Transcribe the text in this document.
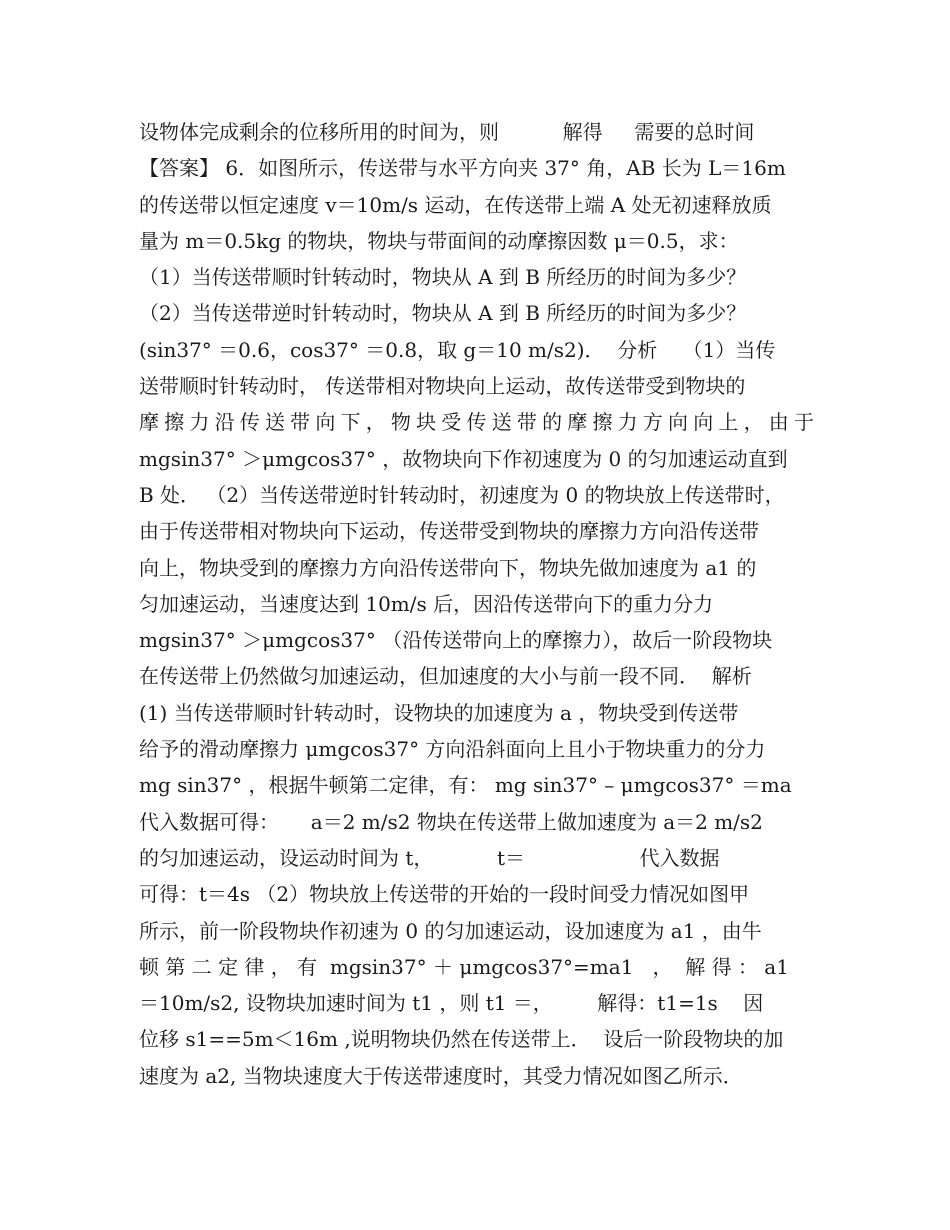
设物体完成剩余的位移所用的时间为，则          解得     需要的总时间
【答案】 6．如图所示，传送带与水平方向夹 37° 角，AB 长为 L＝16m
的传送带以恒定速度 v＝10m/s 运动，在传送带上端 A 处无初速释放质
量为 m＝0.5kg 的物块，物块与带面间的动摩擦因数 μ＝0.5，求：
（1）当传送带顺时针转动时，物块从 A 到 B 所经历的时间为多少？
（2）当传送带逆时针转动时，物块从 A 到 B 所经历的时间为多少？
(sin37° ＝0.6，cos37° ＝0.8，取 g＝10 m/s2)．  分析    （1）当传
送带顺时针转动时， 传送带相对物块向上运动，故传送带受到物块的
摩擦力沿传送带向下，物块受传送带的摩擦力方向向上，由于
mgsin37° ＞μmgcos37° ，故物块向下作初速度为 0 的匀加速运动直到
B 处． （2）当传送带逆时针转动时，初速度为 0 的物块放上传送带时，
由于传送带相对物块向下运动，传送带受到物块的摩擦力方向沿传送带
向上，物块受到的摩擦力方向沿传送带向下，物块先做加速度为 a1 的
匀加速运动，当速度达到 10m/s 后，因沿传送带向下的重力分力
mgsin37° ＞μmgcos37° （沿传送带向上的摩擦力），故后一阶段物块
在传送带上仍然做匀加速运动，但加速度的大小与前一段不同．  解析
(1) 当传送带顺时针转动时，设物块的加速度为 a ，物块受到传送带
给予的滑动摩擦力 μmgcos37° 方向沿斜面向上且小于物块重力的分力
mg sin37° ，根据牛顿第二定律，有： mg sin37° – μmgcos37° ＝ma
代入数据可得：     a＝2 m/s2 物块在传送带上做加速度为 a＝2 m/s2
的匀加速运动，设运动时间为 t，          t＝                  代入数据
可得：t＝4s （2）物块放上传送带的开始的一段时间受力情况如图甲
所示，前一阶段物块作初速为 0 的匀加速运动，设加速度为 a1 ，由牛
顿 第 二 定 律 ， 有  mgsin37° ＋ μmgcos37°=ma1   ，  解 得 ： a1
＝10m/s2, 设物块加速时间为 t1 ，则 t1 ＝，       解得：t1=1s    因
位移 s1==5m＜16m ,说明物块仍然在传送带上．  设后一阶段物块的加
速度为 a2, 当物块速度大于传送带速度时，其受力情况如图乙所示．
